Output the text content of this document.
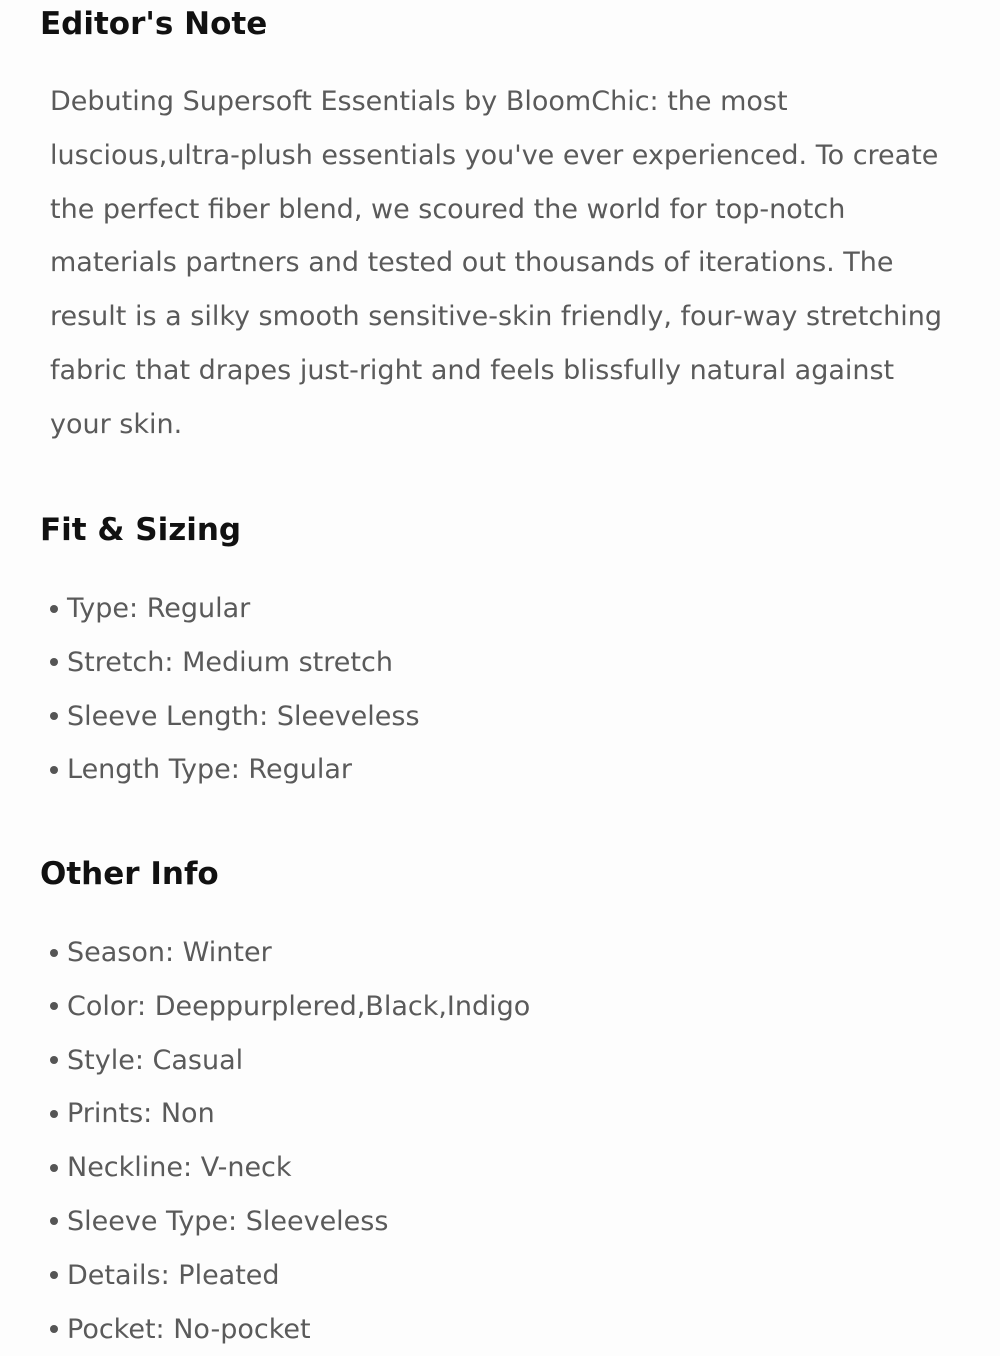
Editor's Note

Debuting Supersoft Essentials by BloomChic: the most luscious,ultra-plush essentials you've ever experienced. To create the perfect fiber blend, we scoured the world for top-notch materials partners and tested out thousands of iterations. The result is a silky smooth sensitive-skin friendly, four-way stretching fabric that drapes just-right and feels blissfully natural against your skin.

Fit & Sizing
Type: Regular
Stretch: Medium stretch
Sleeve Length: Sleeveless
Length Type: Regular
Other Info
Season: Winter
Color: Deeppurplered,Black,Indigo
Style: Casual
Prints: Non
Neckline: V-neck
Sleeve Type: Sleeveless
Details: Pleated
Pocket: No-pocket
